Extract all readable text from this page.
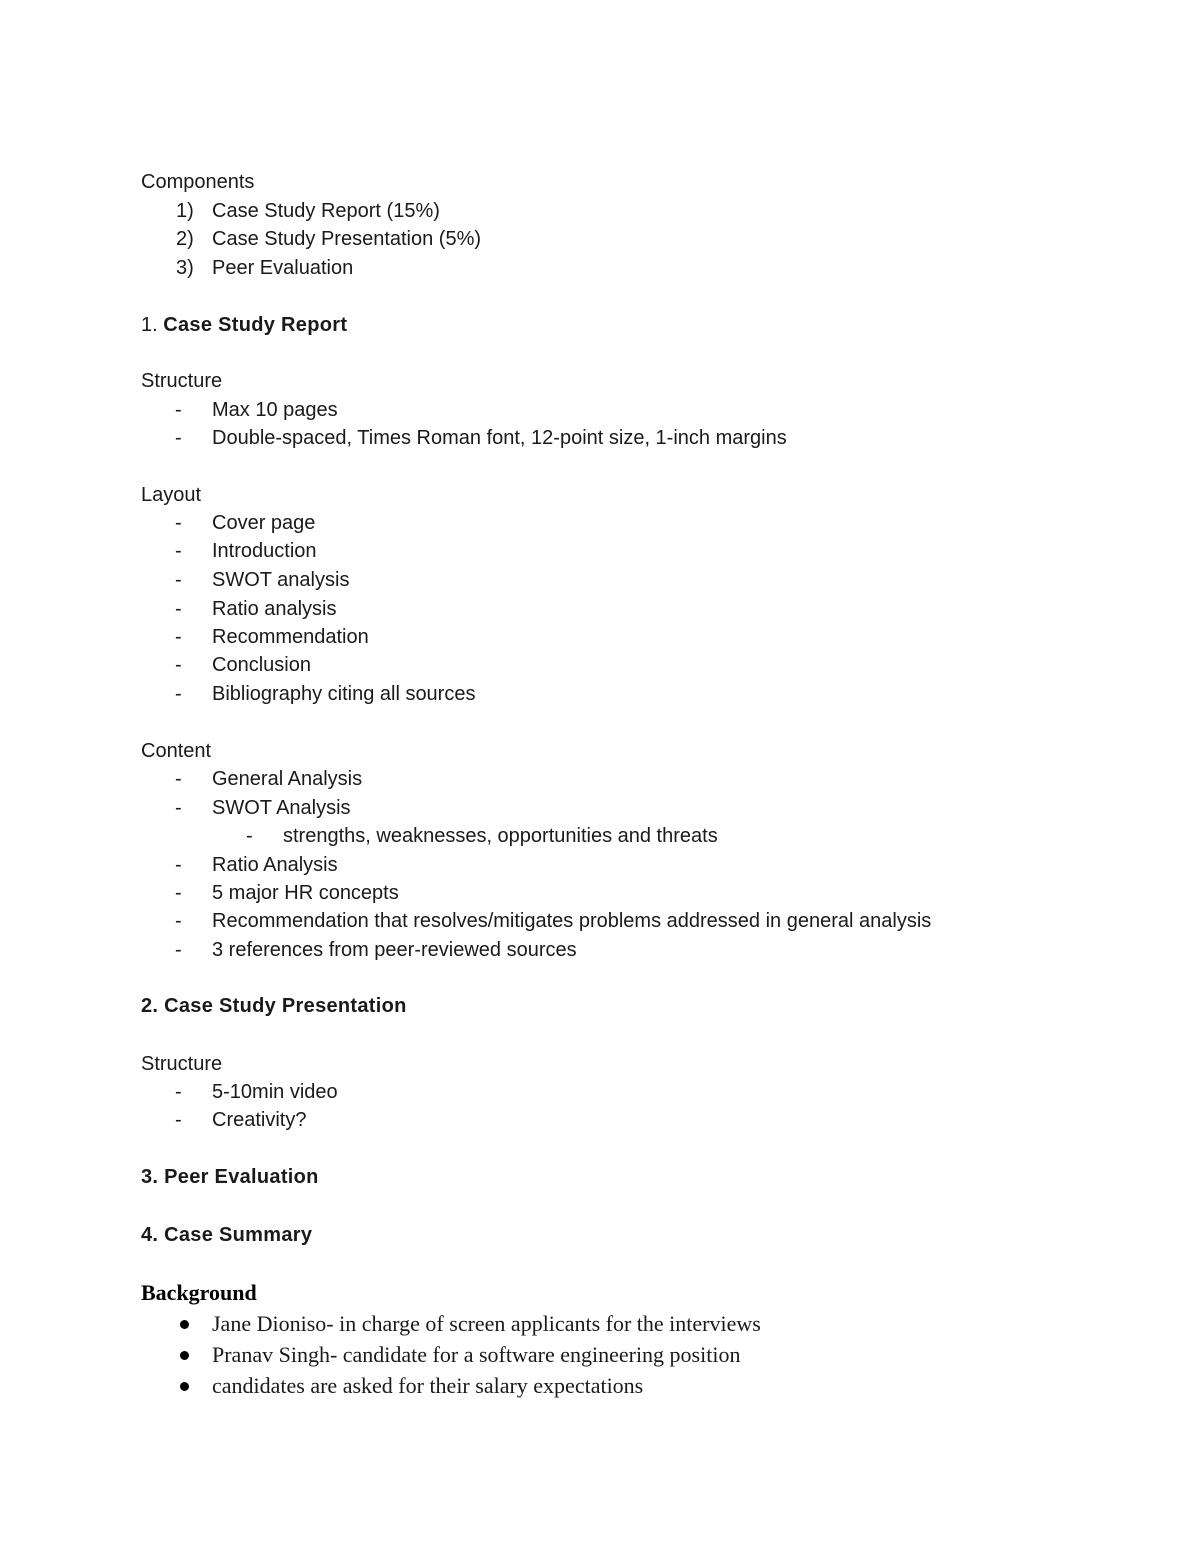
Components
1) Case Study Report (15%)
2) Case Study Presentation (5%)
3) Peer Evaluation
1. Case Study Report
Structure
- Max 10 pages
- Double-spaced, Times Roman font, 12-point size, 1-inch margins
Layout
- Cover page
- Introduction
- SWOT analysis
- Ratio analysis
- Recommendation
- Conclusion
- Bibliography citing all sources
Content
- General Analysis
- SWOT Analysis
- strengths, weaknesses, opportunities and threats
- Ratio Analysis
- 5 major HR concepts
- Recommendation that resolves/mitigates problems addressed in general analysis
- 3 references from peer-reviewed sources
2. Case Study Presentation
Structure
- 5-10min video
- Creativity?
3. Peer Evaluation
4. Case Summary
Background
Jane Dioniso- in charge of screen applicants for the interviews
Pranav Singh- candidate for a software engineering position
candidates are asked for their salary expectations
